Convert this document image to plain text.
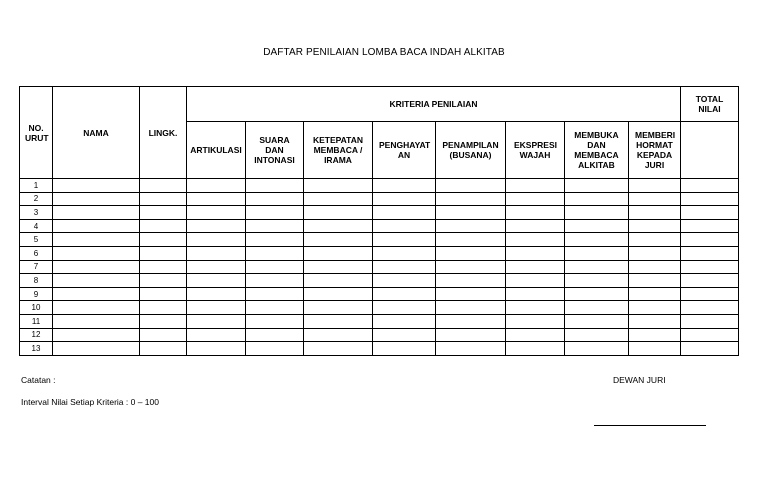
DAFTAR PENILAIAN LOMBA BACA INDAH ALKITAB
NO. URUT	NAMA	LINGK.	KRITERIA PENILAIAN								TOTAL NILAI
			ARTIKULASI	SUARA DAN INTONASI	KETEPATAN MEMBACA / IRAMA	PENGHAYAT AN	PENAMPILAN (BUSANA)	EKSPRESI WAJAH	MEMBUKA DAN MEMBACA ALKITAB	MEMBERI HORMAT KEPADA JURI	
1											
2											
3											
4											
5											
6											
7											
8											
9											
10											
11											
12											
13											
Catatan :
Interval Nilai Setiap Kriteria : 0 – 100
DEWAN JURI
